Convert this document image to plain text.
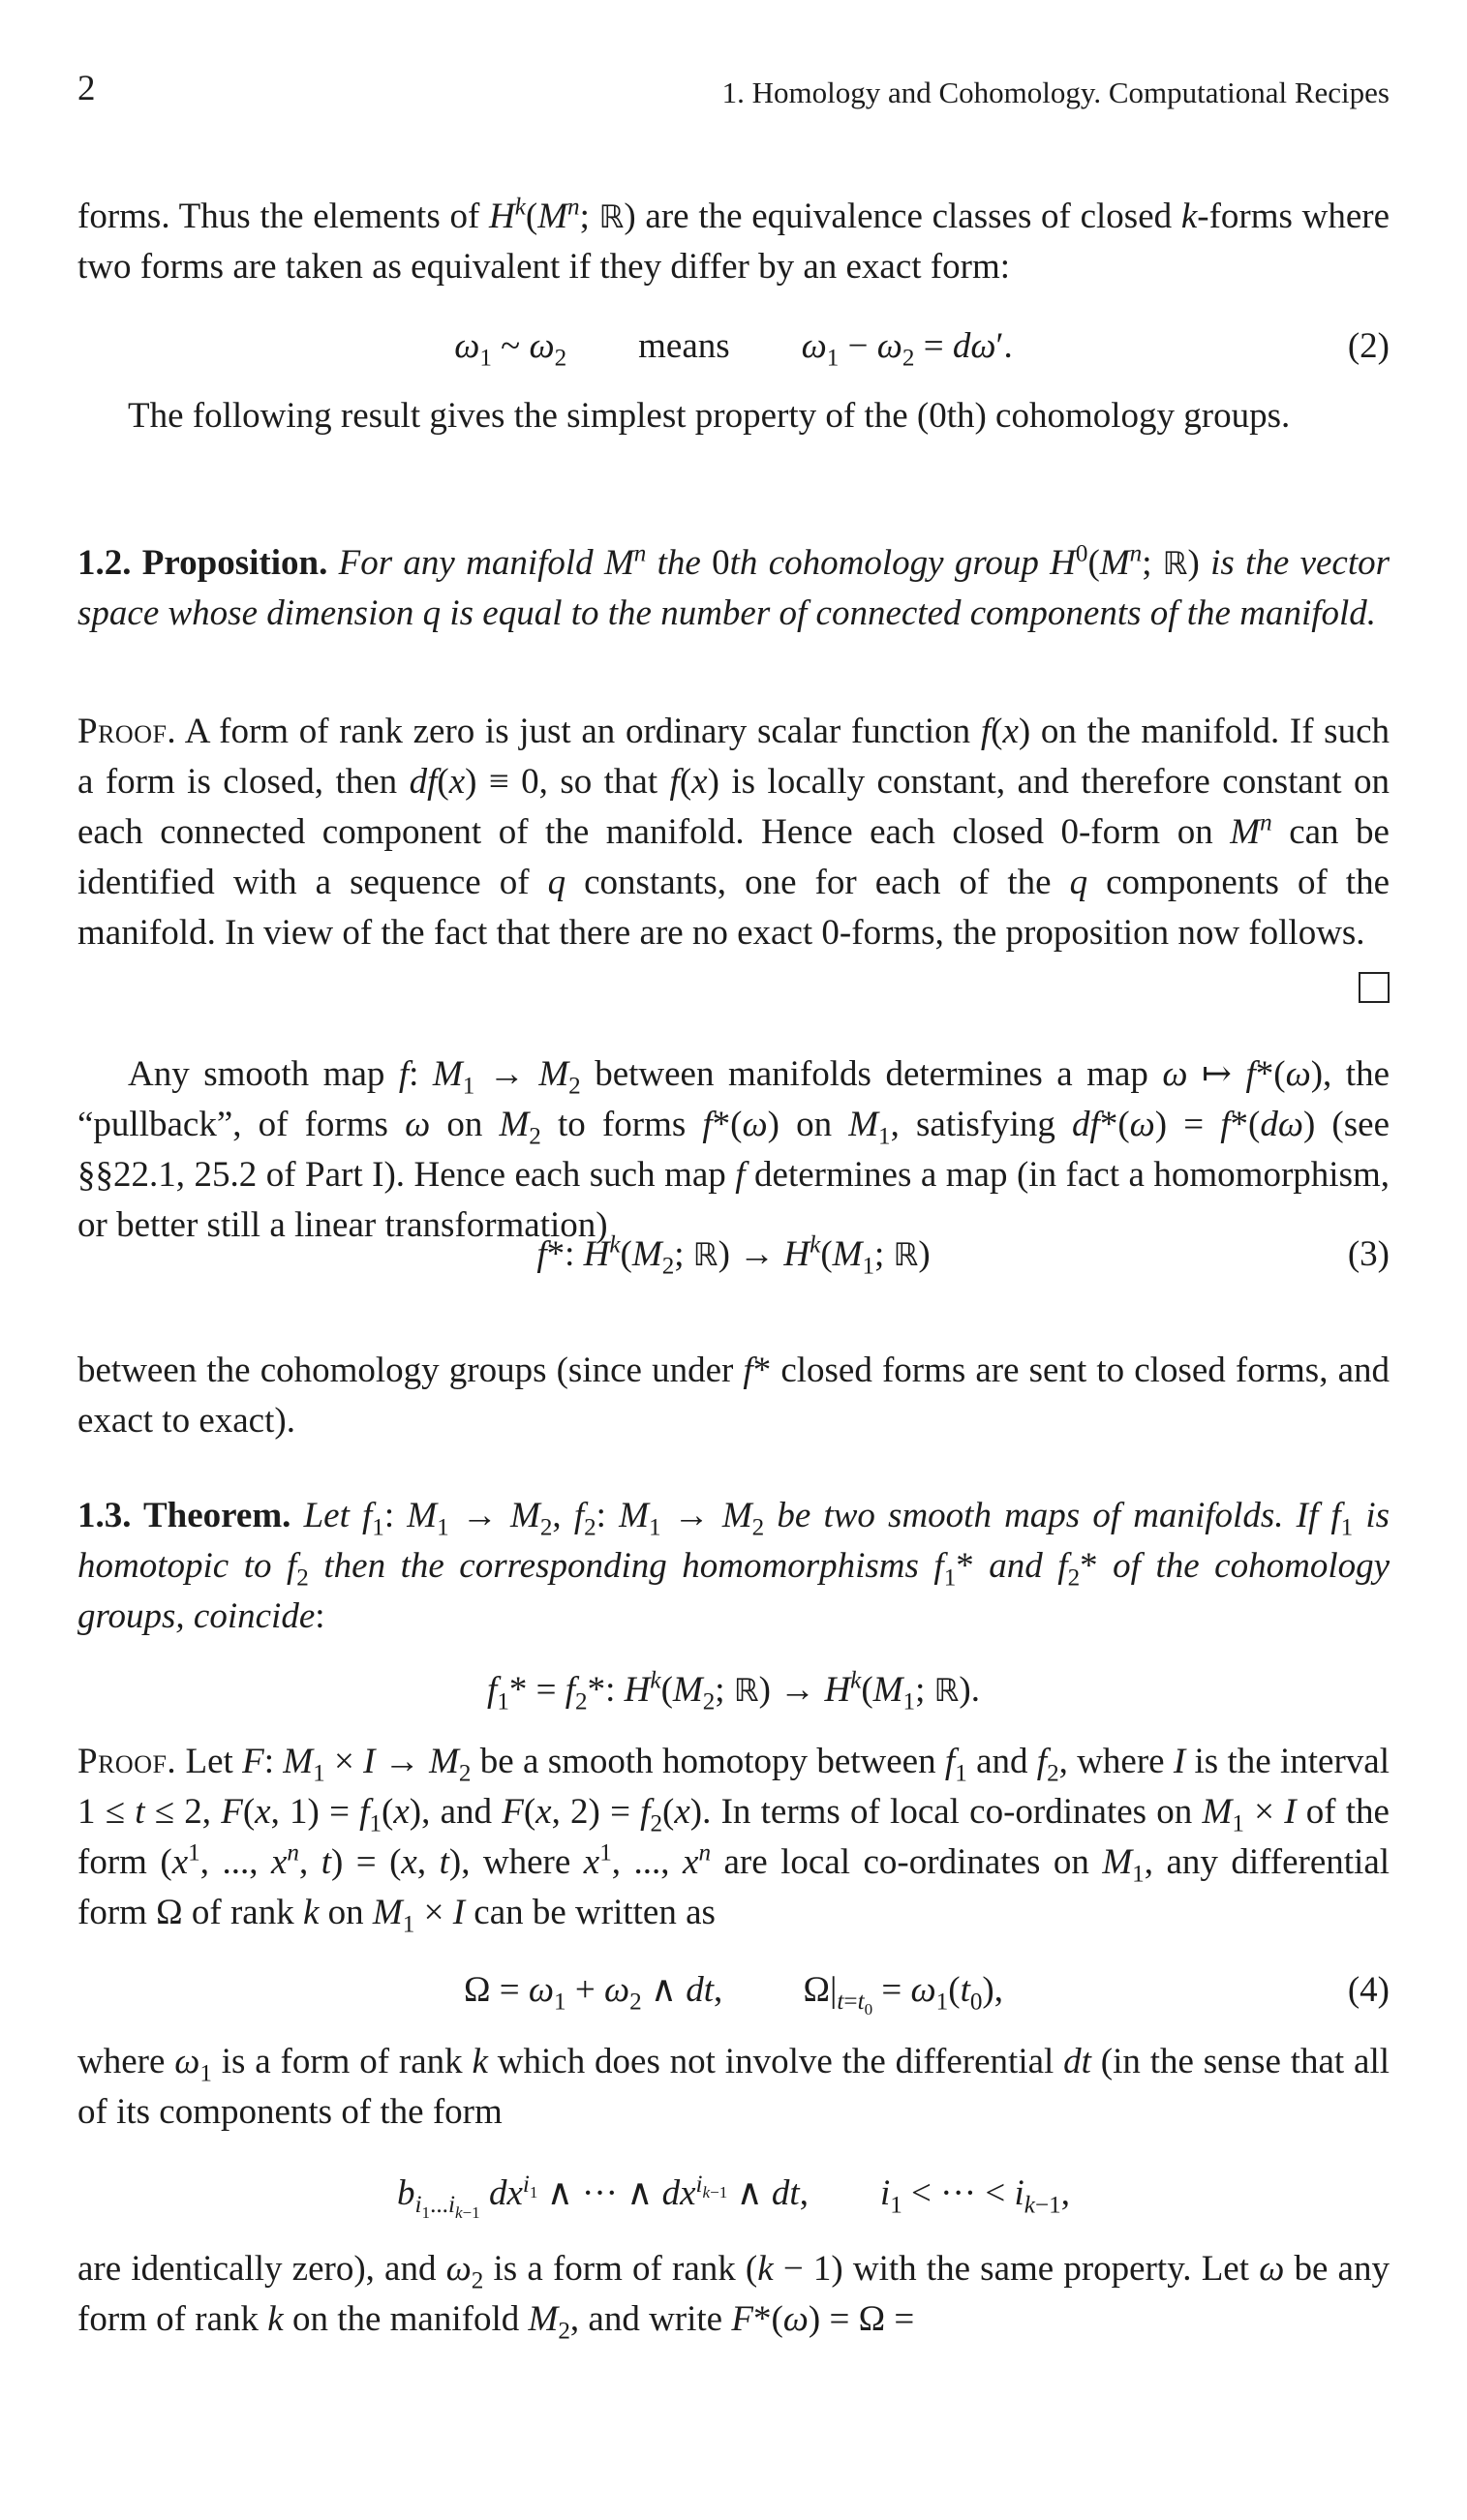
2	1. Homology and Cohomology. Computational Recipes

forms. Thus the elements of $H^k(M^n$; ℝ) are the equivalence classes of closed k-forms where two forms are taken as equivalent if they differ by an exact form:

$\omega_1$ ~ $\omega_2$        means        $\omega_1 - \omega_2 = d\omega'$.	(2)

The following result gives the simplest property of the (0th) cohomology groups.

1.2. Proposition. For any manifold $M^n$ the 0th cohomology group $H^0(M^n$; ℝ) is the vector space whose dimension q is equal to the number of connected components of the manifold.

Proof. A form of rank zero is just an ordinary scalar function f(x) on the manifold. If such a form is closed, then df(x) ≡ 0, so that f(x) is locally constant, and therefore constant on each connected component of the manifold. Hence each closed 0-form on $M^n$ can be identified with a sequence of q constants, one for each of the q components of the manifold. In view of the fact that there are no exact 0-forms, the proposition now follows.

Any smooth map f: $M_1 \to M_2$ between manifolds determines a map ω ↦ f*(ω), the “pullback”, of forms ω on $M_2$ to forms f*(ω) on $M_1$, satisfying df*(ω) = f*(dω) (see §§22.1, 25.2 of Part I). Hence each such map f determines a map (in fact a homomorphism, or better still a linear transformation)

f*: $H^k(M_2$; ℝ) → $H^k(M_1$; ℝ)	(3)

between the cohomology groups (since under f* closed forms are sent to closed forms, and exact to exact).

1.3. Theorem. Let $f_1$: $M_1 \to M_2$, $f_2$: $M_1 \to M_2$ be two smooth maps of manifolds. If $f_1$ is homotopic to $f_2$ then the corresponding homomorphisms $f_1*$ and $f_2*$ of the cohomology groups, coincide:

$f_1* = f_2*$: $H^k(M_2$; ℝ) → $H^k(M_1$; ℝ).

Proof. Let F: $M_1 \times I \to M_2$ be a smooth homotopy between $f_1$ and $f_2$, where I is the interval 1 ≤ t ≤ 2, F(x, $1) = f_1(x)$, and F(x, $2) = f_2(x)$. In terms of local co-ordinates on $M_1 \times I$ of the form ($x^1$, ..., $x^n$, t) = (x, t), where $x^1$, ..., $x^n$ are local co-ordinates on $M_1$, any differential form Ω of rank k on $M_1 \times I$ can be written as

$\Omega = \omega_1 + \omega_2$ ∧ dt,         $\Omega|_{t=t_0} = \omega_1(t_0)$,	(4)

where $\omega_1$ is a form of rank k which does not involve the differential dt (in the sense that all of its components of the form

$b_{i_1...i_{k-1}}$ $dx^{i_1}$ ∧ ··· ∧ $dx^{i_{k-1}}$ ∧ dt,        $i_1$ < ··· < $i_{k-1}$,

are identically zero), and $\omega_2$ is a form of rank (k − 1) with the same property. Let ω be any form of rank k on the manifold $M_2$, and write F*(ω) = Ω =
